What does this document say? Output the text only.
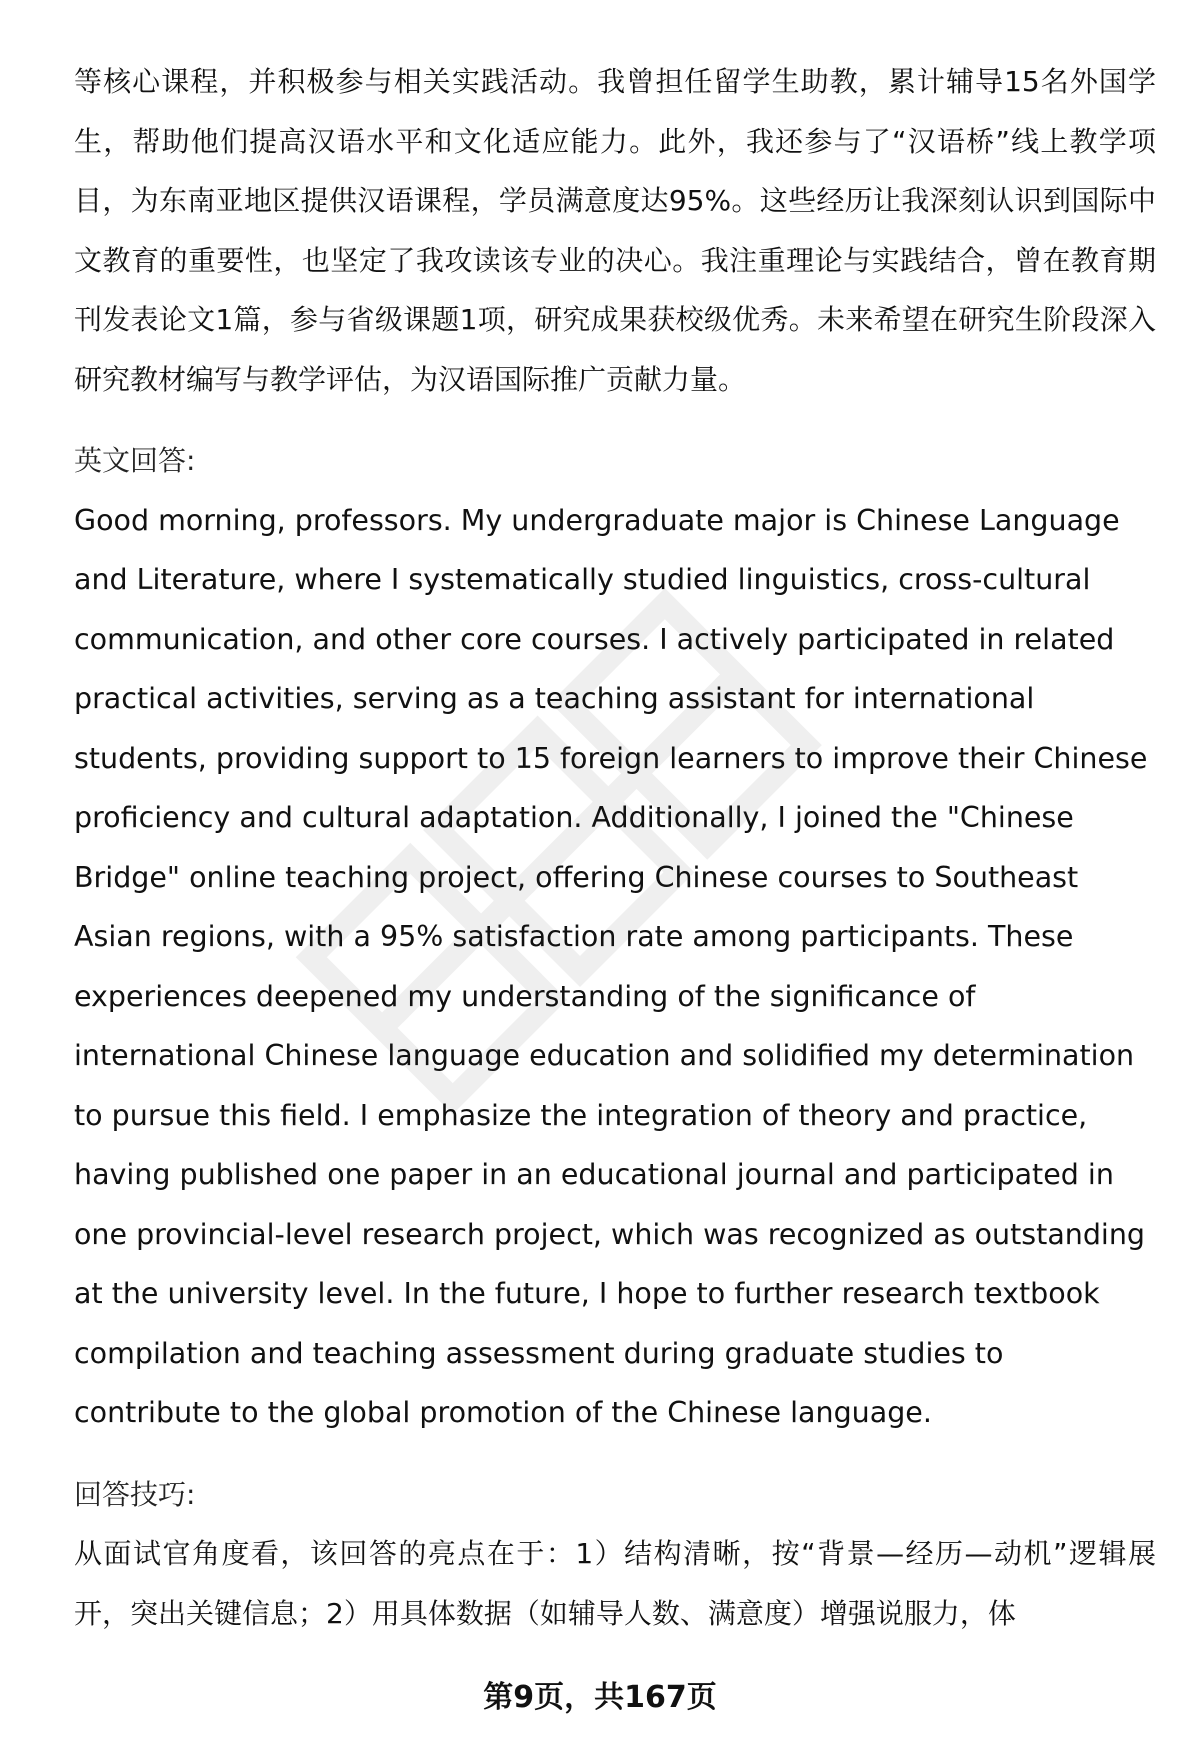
等核心课程，并积极参与相关实践活动。我曾担任留学生助教，累计辅导15名外国学生，帮助他们提高汉语水平和文化适应能力。此外，我还参与了“汉语桥”线上教学项目，为东南亚地区提供汉语课程，学员满意度达95%。这些经历让我深刻认识到国际中文教育的重要性，也坚定了我攻读该专业的决心。我注重理论与实践结合，曾在教育期刊发表论文1篇，参与省级课题1项，研究成果获校级优秀。未来希望在研究生阶段深入研究教材编写与教学评估，为汉语国际推广贡献力量。

英文回答:

Good morning, professors. My undergraduate major is Chinese Language and Literature, where I systematically studied linguistics, cross-cultural communication, and other core courses. I actively participated in related practical activities, serving as a teaching assistant for international students, providing support to 15 foreign learners to improve their Chinese proficiency and cultural adaptation. Additionally, I joined the "Chinese Bridge" online teaching project, offering Chinese courses to Southeast Asian regions, with a 95% satisfaction rate among participants. These experiences deepened my understanding of the significance of international Chinese language education and solidified my determination to pursue this field. I emphasize the integration of theory and practice, having published one paper in an educational journal and participated in one provincial-level research project, which was recognized as outstanding at the university level. In the future, I hope to further research textbook compilation and teaching assessment during graduate studies to contribute to the global promotion of the Chinese language.

回答技巧:

从面试官角度看，该回答的亮点在于：1）结构清晰，按“背景—经历—动机”逻辑展开，突出关键信息；2）用具体数据（如辅导人数、满意度）增强说服力，体

第9页，共167页
